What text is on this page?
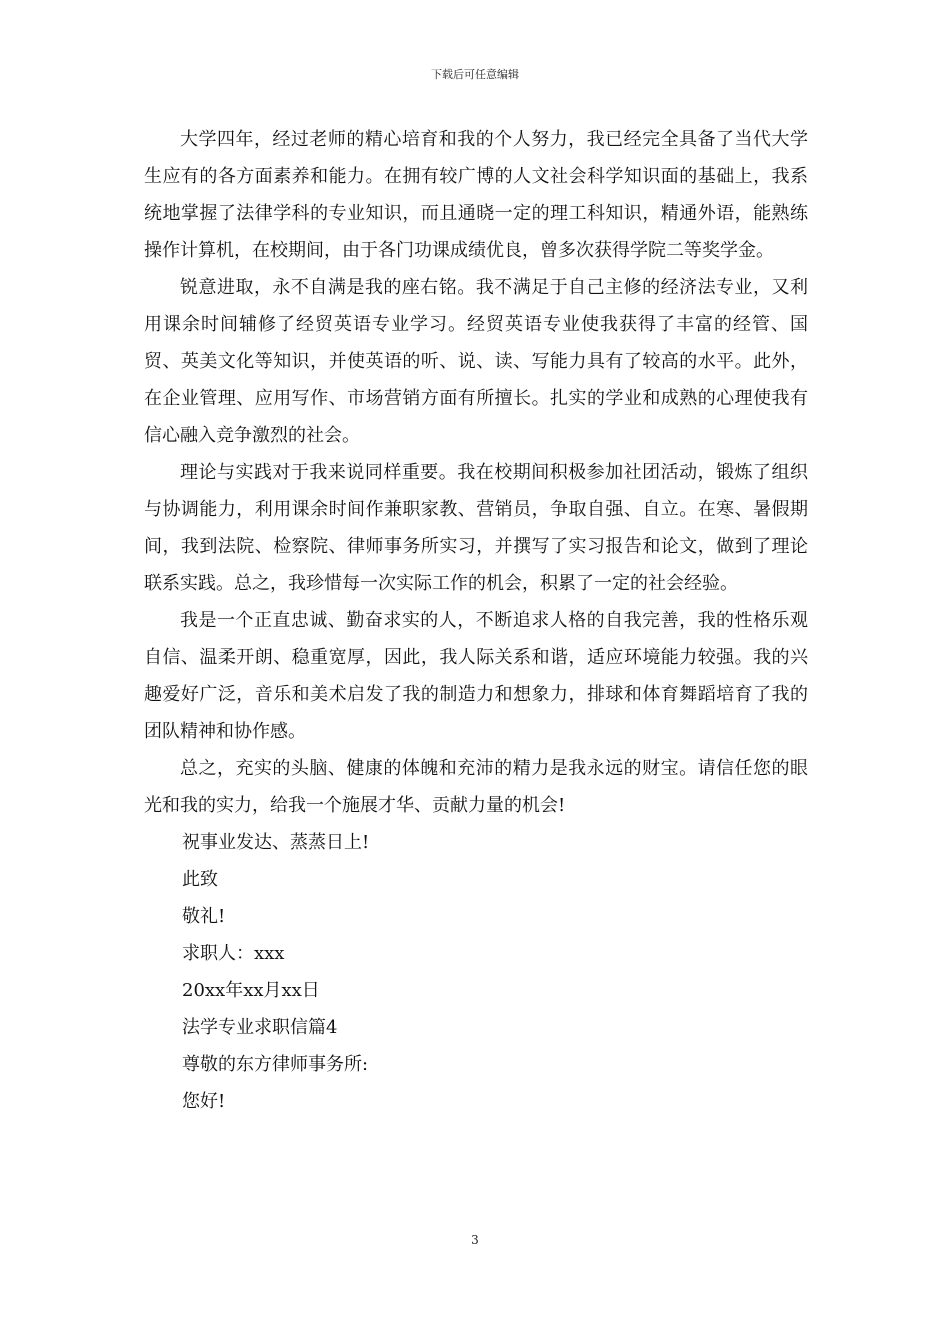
下载后可任意编辑

大学四年，经过老师的精心培育和我的个人努力，我已经完全具备了当代大学生应有的各方面素养和能力。在拥有较广博的人文社会科学知识面的基础上，我系统地掌握了法律学科的专业知识，而且通晓一定的理工科知识，精通外语，能熟练操作计算机，在校期间，由于各门功课成绩优良，曾多次获得学院二等奖学金。

锐意进取，永不自满是我的座右铭。我不满足于自己主修的经济法专业，又利用课余时间辅修了经贸英语专业学习。经贸英语专业使我获得了丰富的经管、国贸、英美文化等知识，并使英语的听、说、读、写能力具有了较高的水平。此外，在企业管理、应用写作、市场营销方面有所擅长。扎实的学业和成熟的心理使我有信心融入竞争激烈的社会。

理论与实践对于我来说同样重要。我在校期间积极参加社团活动，锻炼了组织与协调能力，利用课余时间作兼职家教、营销员，争取自强、自立。在寒、暑假期间，我到法院、检察院、律师事务所实习，并撰写了实习报告和论文，做到了理论联系实践。总之，我珍惜每一次实际工作的机会，积累了一定的社会经验。

我是一个正直忠诚、勤奋求实的人，不断追求人格的自我完善，我的性格乐观自信、温柔开朗、稳重宽厚，因此，我人际关系和谐，适应环境能力较强。我的兴趣爱好广泛，音乐和美术启发了我的制造力和想象力，排球和体育舞蹈培育了我的团队精神和协作感。

总之，充实的头脑、健康的体魄和充沛的精力是我永远的财宝。请信任您的眼光和我的实力，给我一个施展才华、贡献力量的机会!

祝事业发达、蒸蒸日上!

此致

敬礼!

求职人：xxx

20xx年xx月xx日

法学专业求职信篇4

尊敬的东方律师事务所:

您好!

3
